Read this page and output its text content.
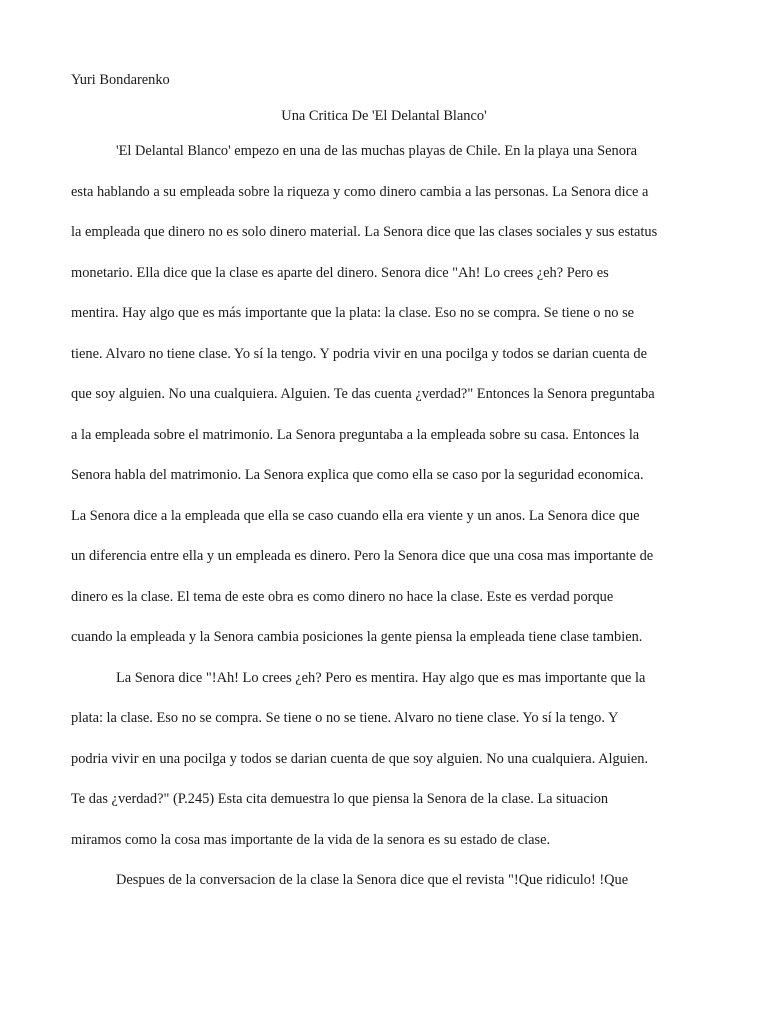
Yuri Bondarenko
Una Critica De 'El Delantal Blanco'
'El Delantal Blanco' empezo en una de las muchas playas de Chile. En la playa una Senora
esta hablando a su empleada sobre la riqueza y como dinero cambia a las personas. La Senora dice a
la empleada que dinero no es solo dinero material. La Senora dice que las clases sociales y sus estatus
monetario. Ella dice que la clase es aparte del dinero. Senora dice "Ah! Lo crees ¿eh? Pero es
mentira. Hay algo que es más importante que la plata: la clase. Eso no se compra. Se tiene o no se
tiene. Alvaro no tiene clase. Yo sí la tengo. Y podria vivir en una pocilga y todos se darian cuenta de
que soy alguien. No una cualquiera. Alguien. Te das cuenta ¿verdad?" Entonces la Senora preguntaba
a la empleada sobre el matrimonio. La Senora preguntaba a la empleada sobre su casa. Entonces la
Senora habla del matrimonio. La Senora explica que como ella se caso por la seguridad economica.
La Senora dice a la empleada que ella se caso cuando ella era viente y un anos. La Senora dice que
un diferencia entre ella y un empleada es dinero. Pero la Senora dice que una cosa mas importante de
dinero es la clase. El tema de este obra es como dinero no hace la clase. Este es verdad porque
cuando la empleada y la Senora cambia posiciones la gente piensa la empleada tiene clase tambien.
La Senora dice "!Ah! Lo crees ¿eh? Pero es mentira. Hay algo que es mas importante que la
plata: la clase. Eso no se compra. Se tiene o no se tiene. Alvaro no tiene clase. Yo sí la tengo. Y
podria vivir en una pocilga y todos se darian cuenta de que soy alguien. No una cualquiera. Alguien.
Te das ¿verdad?" (P.245) Esta cita demuestra lo que piensa la Senora de la clase. La situacion
miramos como la cosa mas importante de la vida de la senora es su estado de clase.
Despues de la conversacion de la clase la Senora dice que el revista "!Que ridiculo! !Que
